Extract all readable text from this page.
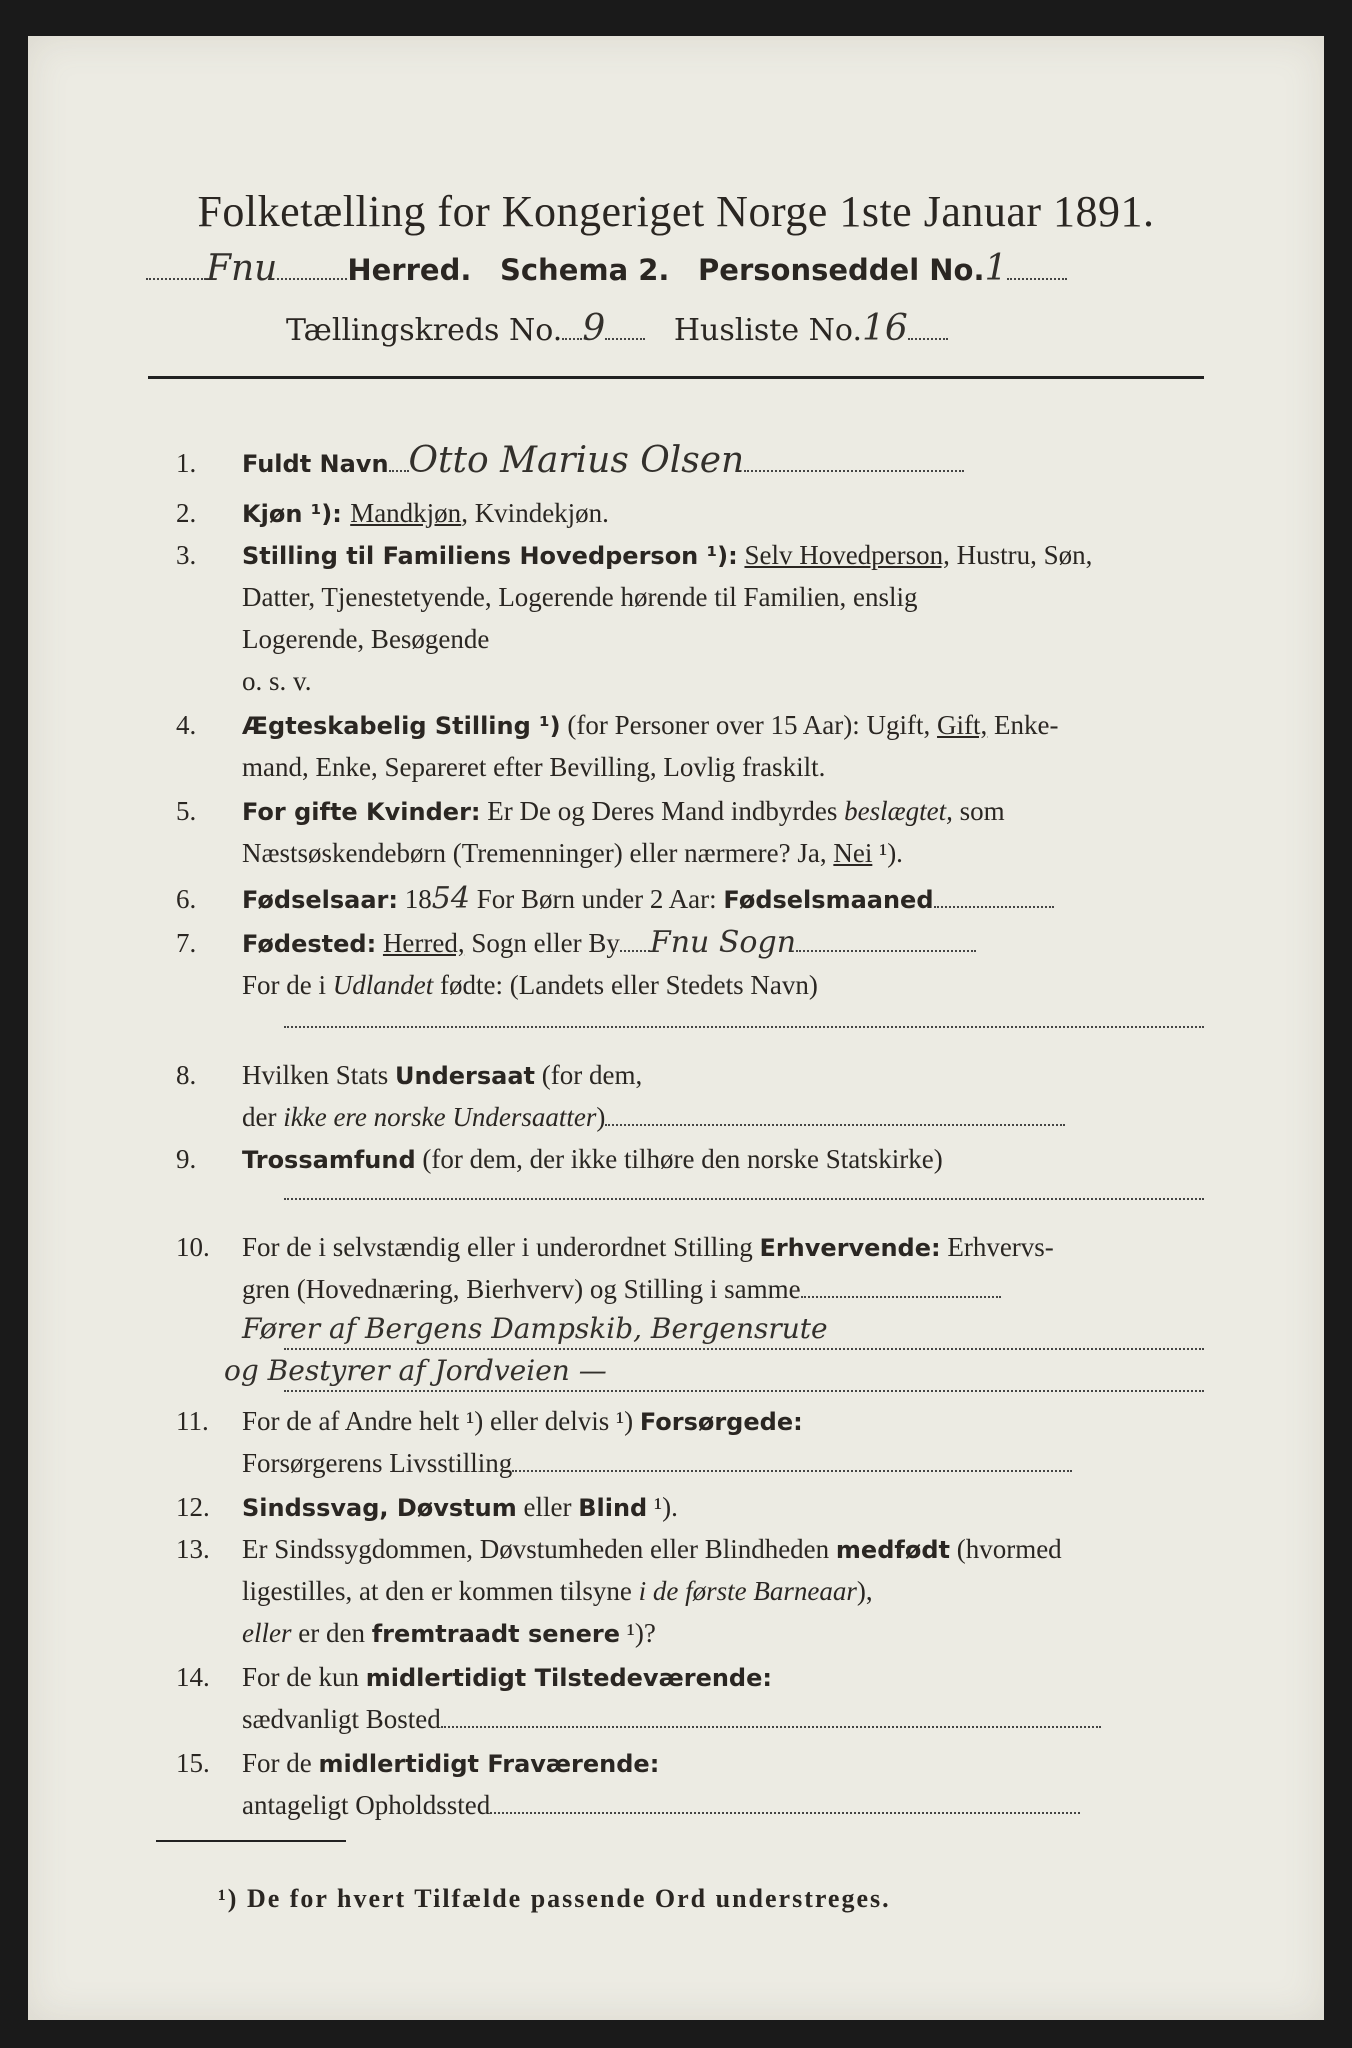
Folketælling for Kongeriget Norge 1ste Januar 1891.
Fnu Herred. Schema 2. Personseddel No.1
Tællingskreds No. 9 Husliste No.16
1. Fuldt Navn Otto Marius Olsen
2. Kjøn ¹): Mandkjøn, Kvindekjøn.
3. Stilling til Familiens Hovedperson ¹): Selv Hovedperson, Hustru, Søn,
Datter, Tjenestetyende, Logerende hørende til Familien, enslig
Logerende, Besøgende
o. s. v.
4. Ægteskabelig Stilling ¹) (for Personer over 15 Aar): Ugift, Gift, Enke-
mand, Enke, Separeret efter Bevilling, Lovlig fraskilt.
5. For gifte Kvinder: Er De og Deres Mand indbyrdes beslægtet, som
Næstsøskendebørn (Tremenninger) eller nærmere? Ja, Nei ¹).
6. Fødselsaar: 1854 For Børn under 2 Aar: Fødselsmaaned
7. Fødested: Herred, Sogn eller By Fnu Sogn
For de i Udlandet fødte: (Landets eller Stedets Navn)
8. Hvilken Stats Undersaat (for dem,
der ikke ere norske Undersaatter)
9. Trossamfund (for dem, der ikke tilhøre den norske Statskirke)
10. For de i selvstændig eller i underordnet Stilling Erhvervende: Erhvervs-
gren (Hovednæring, Bierhverv) og Stilling i samme
Fører af Bergens Dampskib, Bergensrute
og Bestyrer af Jordveien —
11. For de af Andre helt ¹) eller delvis ¹) Forsørgede:
Forsørgerens Livsstilling
12. Sindssvag, Døvstum eller Blind ¹).
13. Er Sindssygdommen, Døvstumheden eller Blindheden medfødt (hvormed
ligestilles, at den er kommen tilsyne i de første Barneaar),
eller er den fremtraadt senere ¹)?
14. For de kun midlertidigt Tilstedeværende:
sædvanligt Bosted
15. For de midlertidigt Fraværende:
antageligt Opholdssted
¹) De for hvert Tilfælde passende Ord understreges.
